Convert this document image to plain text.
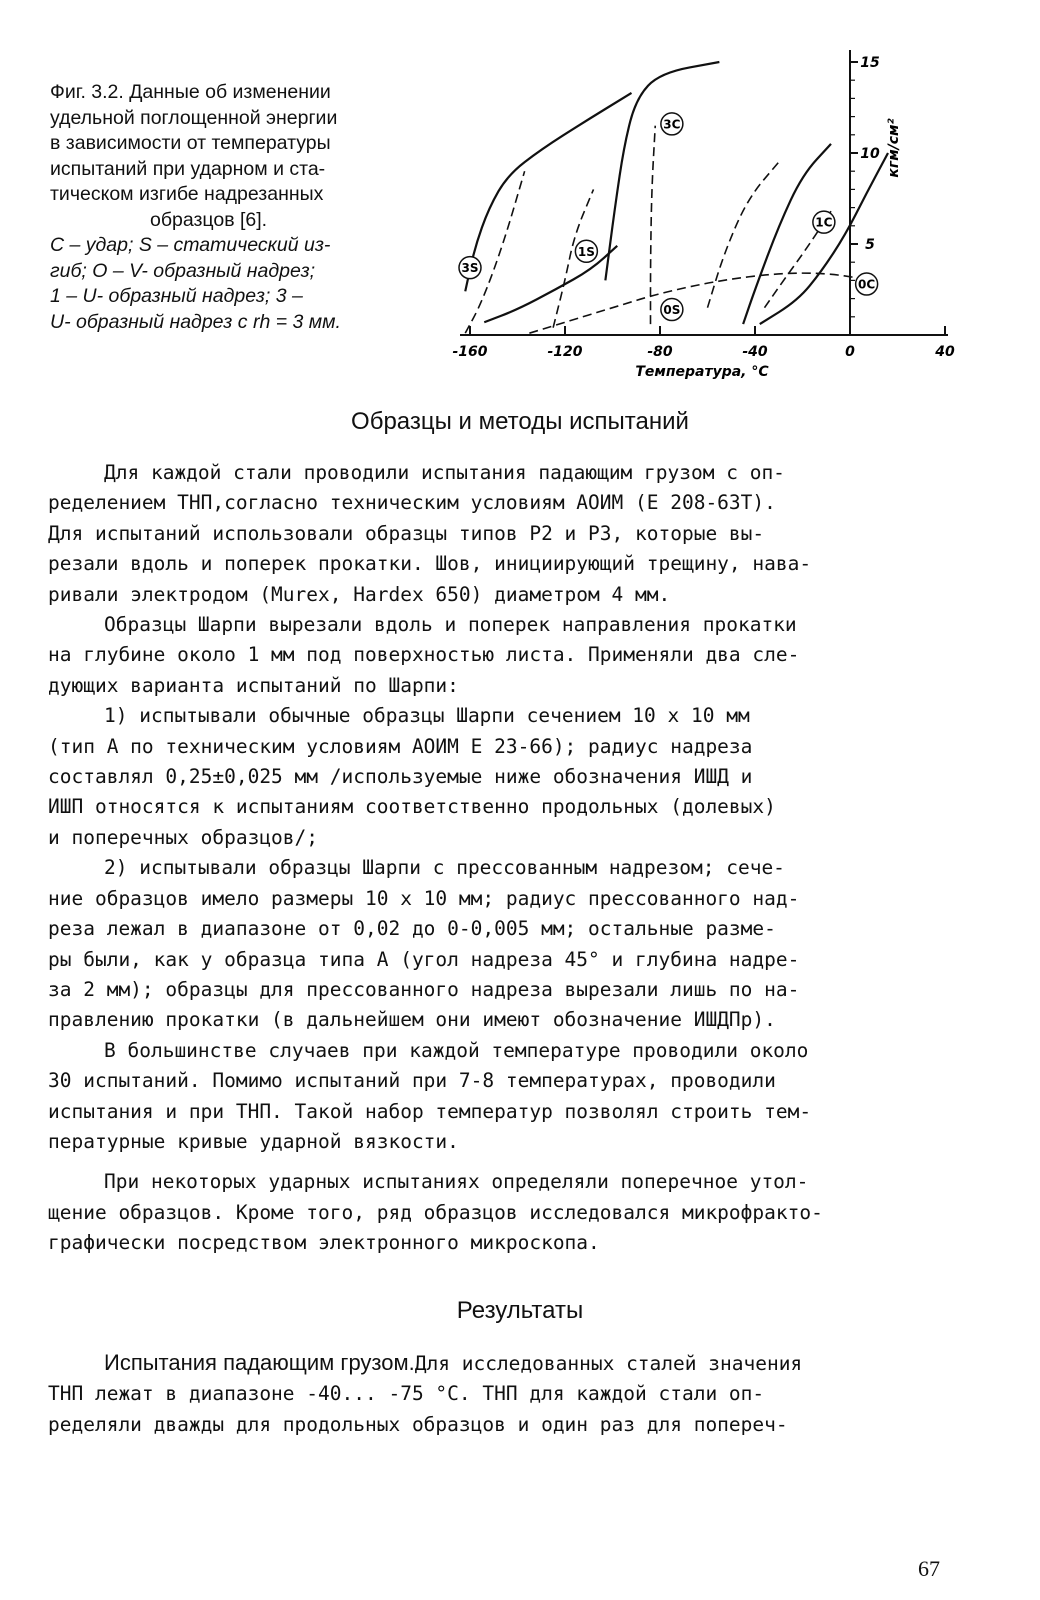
Фиг. 3.2. Данные об изменении
удельной поглощенной энергии
в зависимости от температуры
испытаний при ударном и ста-
тическом изгибе надрезанных
образцов [6].
C – удар; S – статический из-
гиб; O – V- образный надрез;
1 – U- образный надрез; 3 –
U- образный надрез с rh = 3 мм.
-160	-120	-80	-40	0	40
5
10
15
3C
3S
1C
1S
0C
0S
кгм/см²
Температура, °C
Образцы и методы испытаний

Для каждой стали проводили испытания падающим грузом с оп-
ределением ТНП,согласно техническим условиям АОИМ (Е 208-63Т).
Для испытаний использовали образцы типов Р2 и Р3, которые вы-
резали вдоль и поперек прокатки. Шов, инициирующий трещину, нава-
ривали электродом (Murex, Hardex 650) диаметром 4 мм.

Образцы Шарпи вырезали вдоль и поперек направления прокатки
на глубине около 1 мм под поверхностью листа. Применяли два сле-
дующих варианта испытаний по Шарпи:

1) испытывали обычные образцы Шарпи сечением 10 х 10 мм
(тип А по техническим условиям АОИМ Е 23-66); радиус надреза
составлял 0,25±0,025 мм /используемые ниже обозначения ИШД и
ИШП относятся к испытаниям соответственно продольных (долевых)
и поперечных образцов/;

2) испытывали образцы Шарпи с прессованным надрезом; сече-
ние образцов имело размеры 10 х 10 мм; радиус прессованного над-
реза лежал в диапазоне от 0,02 до 0-0,005 мм; остальные разме-
ры были, как у образца типа А (угол надреза 45° и глубина надре-
за 2 мм); образцы для прессованного надреза вырезали лишь по на-
правлению прокатки (в дальнейшем они имеют обозначение ИШДПр).

В большинстве случаев при каждой температуре проводили около
30 испытаний. Помимо испытаний при 7-8 температурах, проводили
испытания и при ТНП. Такой набор температур позволял строить тем-
пературные кривые ударной вязкости.

При некоторых ударных испытаниях определяли поперечное утол-
щение образцов. Кроме того, ряд образцов исследовался микрофракто-
графически посредством электронного микроскопа.

Результаты

Испытания падающим грузом.Для исследованных сталей значения
ТНП лежат в диапазоне -40... -75 °С. ТНП для каждой стали оп-
ределяли дважды для продольных образцов и один раз для попереч-

67
